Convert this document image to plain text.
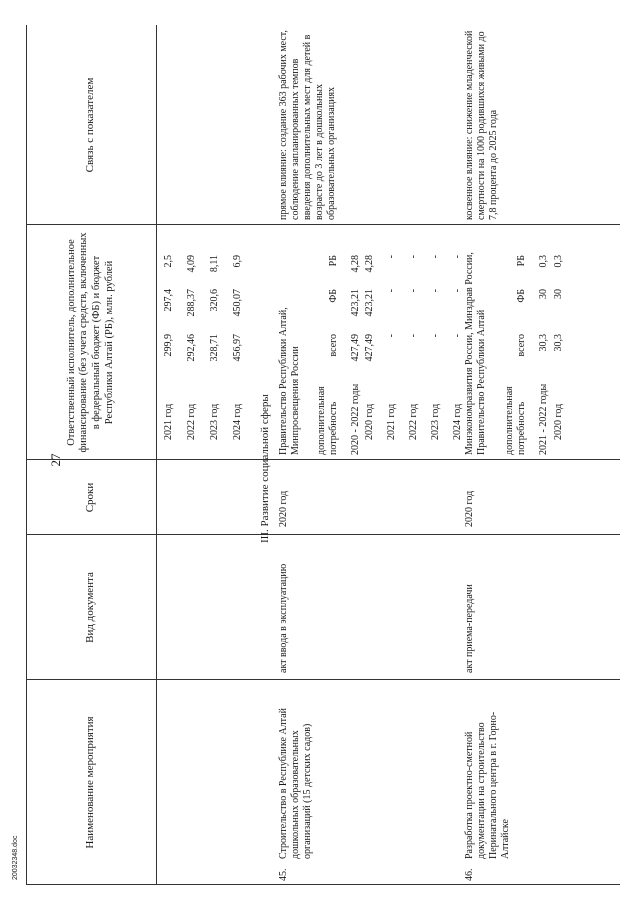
27
Наименование мероприятия
Вид документа
Сроки
Ответственный исполнитель, дополнительное финансирование (без учета средств, включенных в федеральный бюджет (ФБ) и бюджет Республики Алтай (РБ), млн. рублей
Связь с показателем
2021 год
299,9
297,4
2,5
2022 год
292,46
288,37
4,09
2023 год
328,71
320,6
8,11
2024 год
456,97
450,07
6,9
III. Развитие социальной сферы
45.
Строительство в Республике Алтай дошкольных образовательных организаций (15 детских садов)
акт ввода в эксплуатацию
2020 год
Правительство Республики Алтай, Минпросвещения России дополнительная потребность
всего
ФБ
РБ
2020 - 2022 годы
427,49
423,21
4,28
2020 год
427,49
423,21
4,28
2021 год
-
-
-
2022 год
-
-
-
2023 год
-
-
-
2024 год
-
-
-
прямое влияние: создание 363 рабочих мест, соблюдение запланированных темпов введения дополнительных мест для детей в возрасте до 3 лет в дошкольных образовательных организациях
46.
Разработка проектно-сметной документации на строительство Перинатального центра в г. Горно-Алтайске
акт приема-передачи
2020 год
Минэкономразвития России, Минздрав России, Правительство Республики Алтай дополнительная потребность
всего
ФБ
РБ
2021 - 2022 годы
30,3
30
0,3
2020 год
30,3
30
0,3
косвенное влияние: снижение младенческой смертности на 1000 родившихся живыми до 7,8 процента до 2025 года
20032348.doc
